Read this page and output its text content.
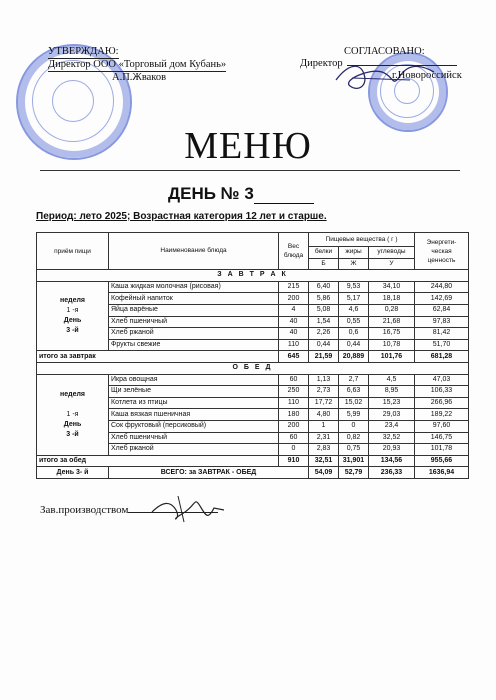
УТВЕРЖДАЮ:
Директор ООО «Торговый дом Кубань»
А.П.Жваков
СОГЛАСОВАНО:
Директор
г.Новороссийск
МЕНЮ
ДЕНЬ № 3
Период: лето 2025; Возрастная категория 12 лет и старше.
приём пищи	Наименование блюда	Вес блюда	Пищевые вещества ( г )			Энергети-ческая ценность
			белки	жиры	углеводы	
			Б	Ж	У	
З А В Т Р А К						
неделя
1 -я
День
3 -й	Каша жидкая молочная (рисовая)	215	6,40	9,53	34,10	244,80
	Кофейный напиток	200	5,86	5,17	18,18	142,69
	Яйца варёные	4	5,08	4,6	0,28	62,84
	Хлеб пшеничный	40	1,54	0,55	21,68	97,83
	Хлеб ржаной	40	2,26	0,6	16,75	81,42
	Фрукты свежие	110	0,44	0,44	10,78	51,70
итого за завтрак		645	21,59	20,889	101,76	681,28
О Б Е Д						
неделя

1 -я
День
3 -й	Икра овощная	60	1,13	2,7	4,5	47,03
	Щи зелёные	250	2,73	6,63	8,95	106,33
	Котлета из птицы	110	17,72	15,02	15,23	266,96
	Каша вязкая пшеничная	180	4,80	5,99	29,03	189,22
	Сок фруктовый (персиковый)	200	1	0	23,4	97,60
	Хлеб пшеничный	60	2,31	0,82	32,52	146,75
	Хлеб ржаной	0	2,83	0,75	20,93	101,78
итого за обед		910	32,51	31,901	134,56	955,66
День 3- й	ВСЕГО: за ЗАВТРАК - ОБЕД		54,09	52,79	236,33	1636,94
Зав.производством
